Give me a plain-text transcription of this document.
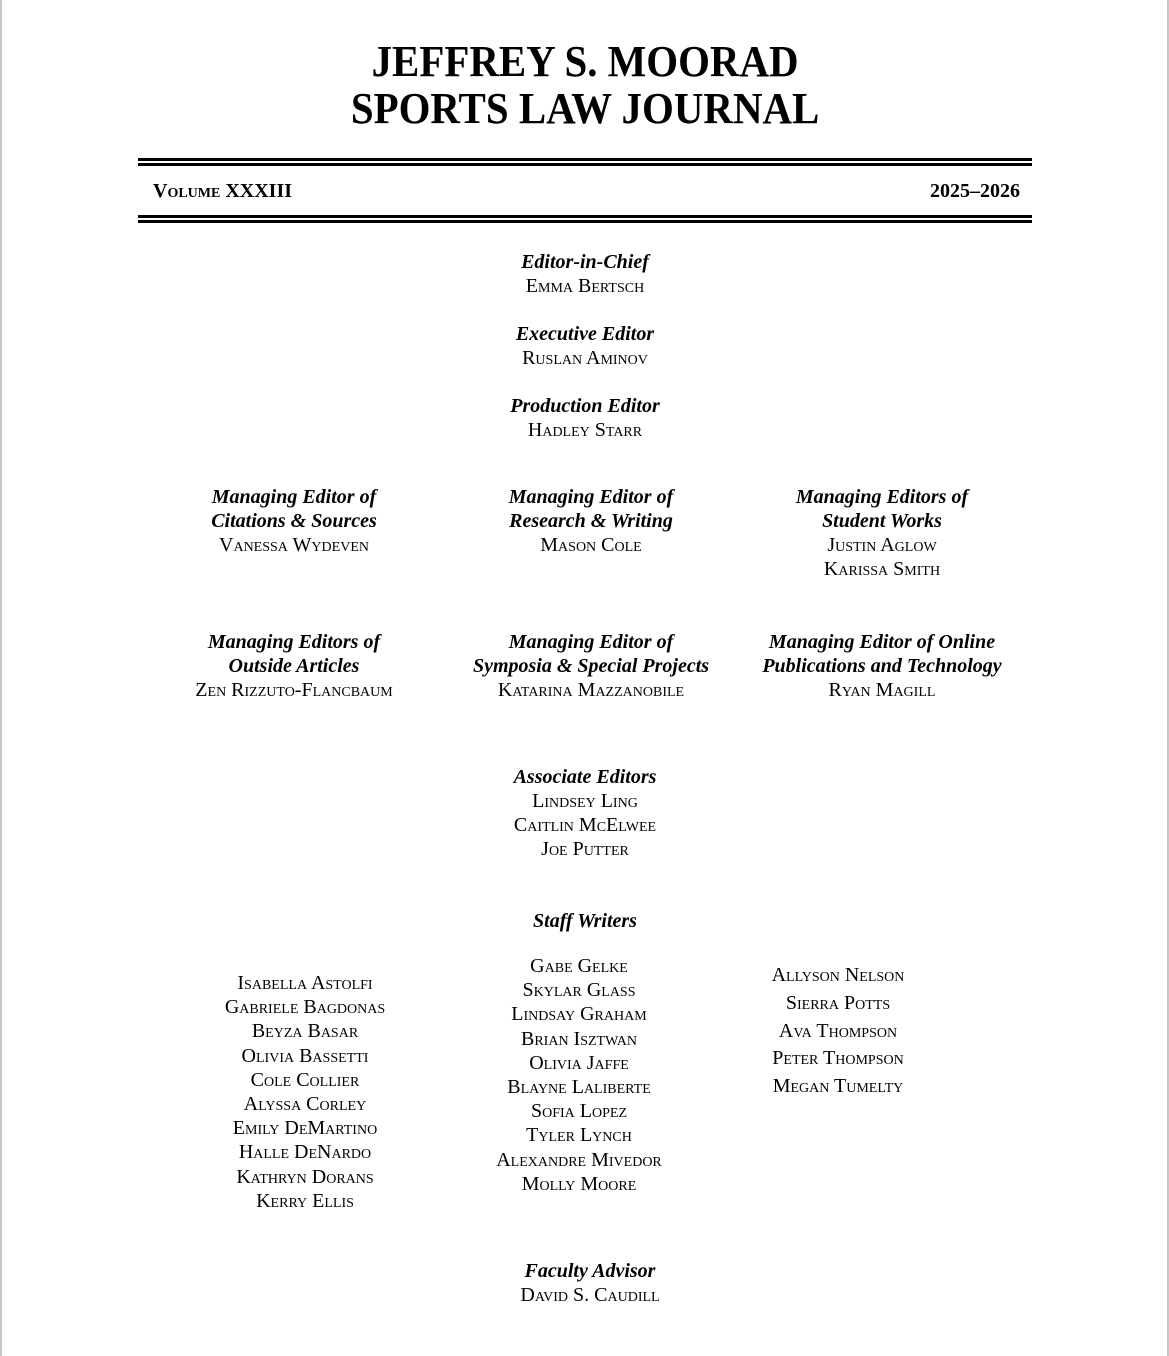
JEFFREY S. MOORAD
SPORTS LAW JOURNAL
Volume XXXIII	2025–2026
Editor-in-Chief
Emma Bertsch
Executive Editor
Ruslan Aminov
Production Editor
Hadley Starr
Managing Editor of
Citations & Sources
Vanessa Wydeven
Managing Editor of
Research & Writing
Mason Cole
Managing Editors of
Student Works
Justin Aglow
Karissa Smith
Managing Editors of
Outside Articles
Zen Rizzuto-Flancbaum
Managing Editor of
Symposia & Special Projects
Katarina Mazzanobile
Managing Editor of Online
Publications and Technology
Ryan Magill
Associate Editors
Lindsey Ling
Caitlin McElwee
Joe Putter
Staff Writers
Isabella Astolfi
Gabriele Bagdonas
Beyza Basar
Olivia Bassetti
Cole Collier
Alyssa Corley
Emily DeMartino
Halle DeNardo
Kathryn Dorans
Kerry Ellis
Gabe Gelke
Skylar Glass
Lindsay Graham
Brian Isztwan
Olivia Jaffe
Blayne Laliberte
Sofia Lopez
Tyler Lynch
Alexandre Mivedor
Molly Moore
Allyson Nelson
Sierra Potts
Ava Thompson
Peter Thompson
Megan Tumelty
Faculty Advisor
David S. Caudill
